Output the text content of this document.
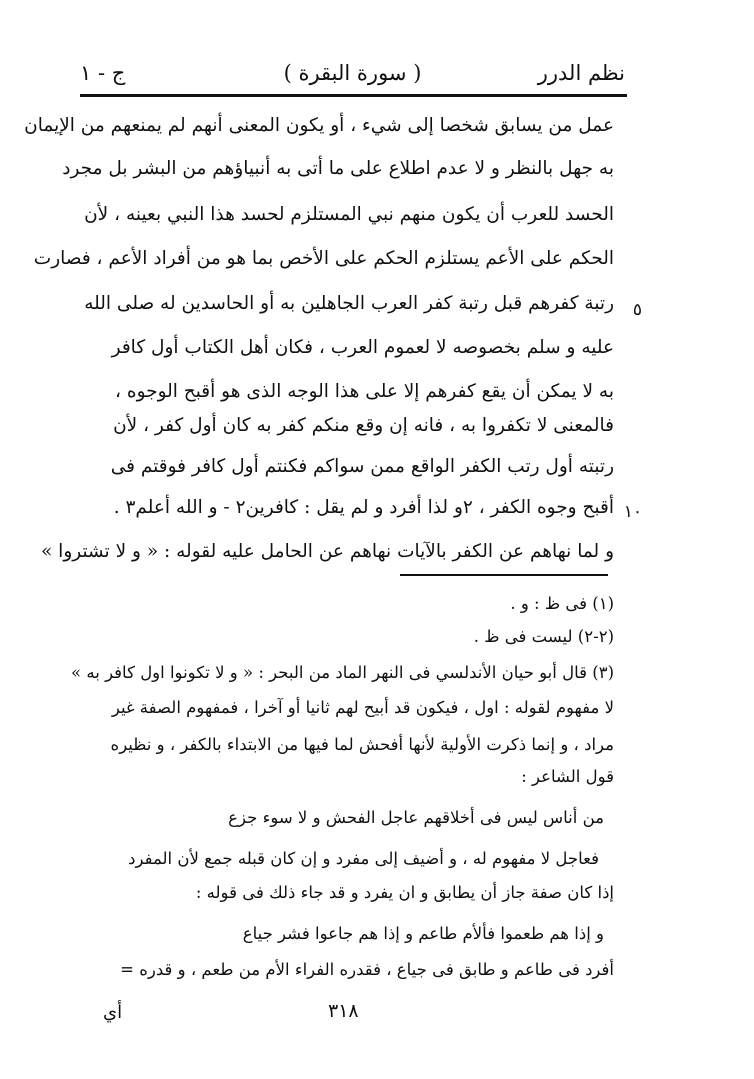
نظم الدرر
( سورة البقرة )
ج - ١
عمل من يسابق شخصا إلى شيء ، أو يكون المعنى أنهم لم يمنعهم من الإيمان
به جهل بالنظر و لا عدم اطلاع على ما أتى به أنبياؤهم من البشر بل مجرد
الحسد للعرب أن يكون منهم نبي المستلزم لحسد هذا النبي بعينه ، لأن
الحكم على الأعم يستلزم الحكم على الأخص بما هو من أفراد الأعم ، فصارت
رتبة كفرهم قبل رتبة كفر العرب الجاهلين به أو الحاسدين له صلى الله
عليه و سلم بخصوصه لا لعموم العرب ، فكان أهل الكتاب أول كافر
به لا يمكن أن يقع كفرهم إلا على هذا الوجه الذى هو أقبح الوجوه ،
فالمعنى لا تكفروا به ، فانه إن وقع منكم كفر به كان أول كفر ، لأن
رتبته أول رتب الكفر الواقع ممن سواكم فكنتم أول كافر فوقتم فى
أقبح وجوه الكفر ، ٢و لذا أفرد و لم يقل : كافرين٢ - و الله أعلم٣ .
و لما نهاهم عن الكفر بالآيات نهاهم عن الحامل عليه لقوله : « و لا تشتروا »
٥
١٠
(١) فى ظ : و .
(٢-٢) ليست فى ظ .
(٣) قال أبو حيان الأندلسي فى النهر الماد من البحر : « و لا تكونوا اول كافر به »
لا مفهوم لقوله : اول ، فيكون قد أبيح لهم ثانيا أو آخرا ، فمفهوم الصفة غير
مراد ، و إنما ذكرت الأولية لأنها أفحش لما فيها من الابتداء بالكفر ، و نظيره
قول الشاعر :
من أناس ليس فى أخلاقهم عاجل الفحش و لا سوء جزع
فعاجل لا مفهوم له ، و أضيف إلى مفرد و إن كان قبله جمع لأن المفرد
إذا كان صفة جاز أن يطابق و ان يفرد و قد جاء ذلك فى قوله :
و إذا هم طعموا فألأم طاعم و إذا هم جاعوا فشر جياع
أفرد فى طاعم و طابق فى جياع ، فقدره الفراء الأم من طعم ، و قدره =
٣١٨
أي
